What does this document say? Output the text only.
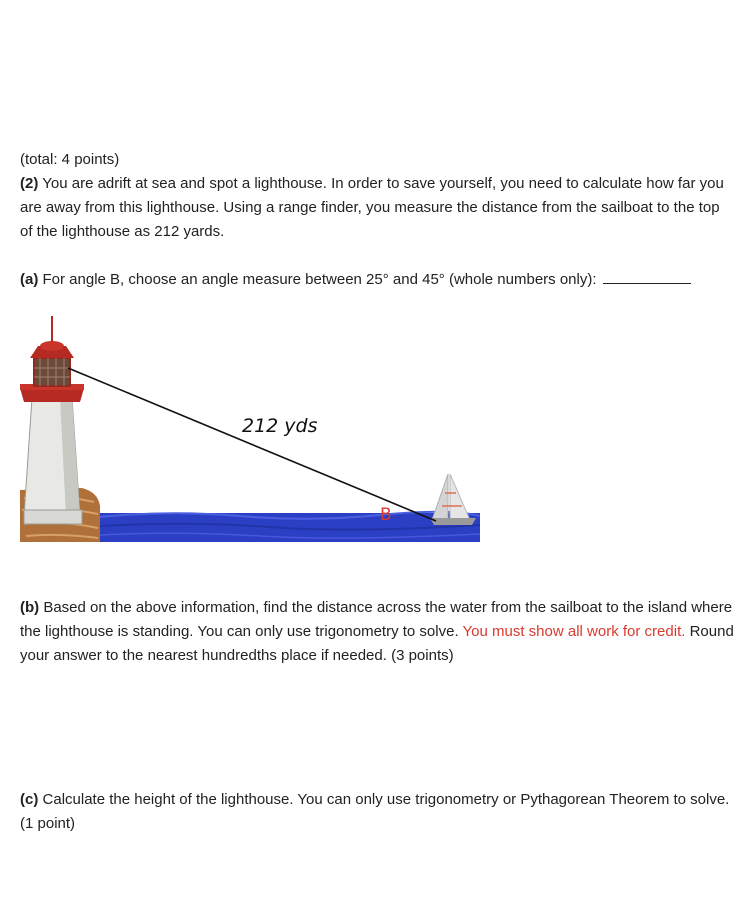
(total: 4 points)

(2) You are adrift at sea and spot a lighthouse. In order to save yourself, you need to calculate how far you are away from this lighthouse. Using a range finder, you measure the distance from the sailboat to the top of the lighthouse as 212 yards.

(a) For angle B, choose an angle measure between 25° and 45° (whole numbers only):

212 yds
B

(b) Based on the above information, find the distance across the water from the sailboat to the island where the lighthouse is standing. You can only use trigonometry to solve. You must show all work for credit. Round your answer to the nearest hundredths place if needed. (3 points)

(c) Calculate the height of the lighthouse. You can only use trigonometry or Pythagorean Theorem to solve. (1 point)
